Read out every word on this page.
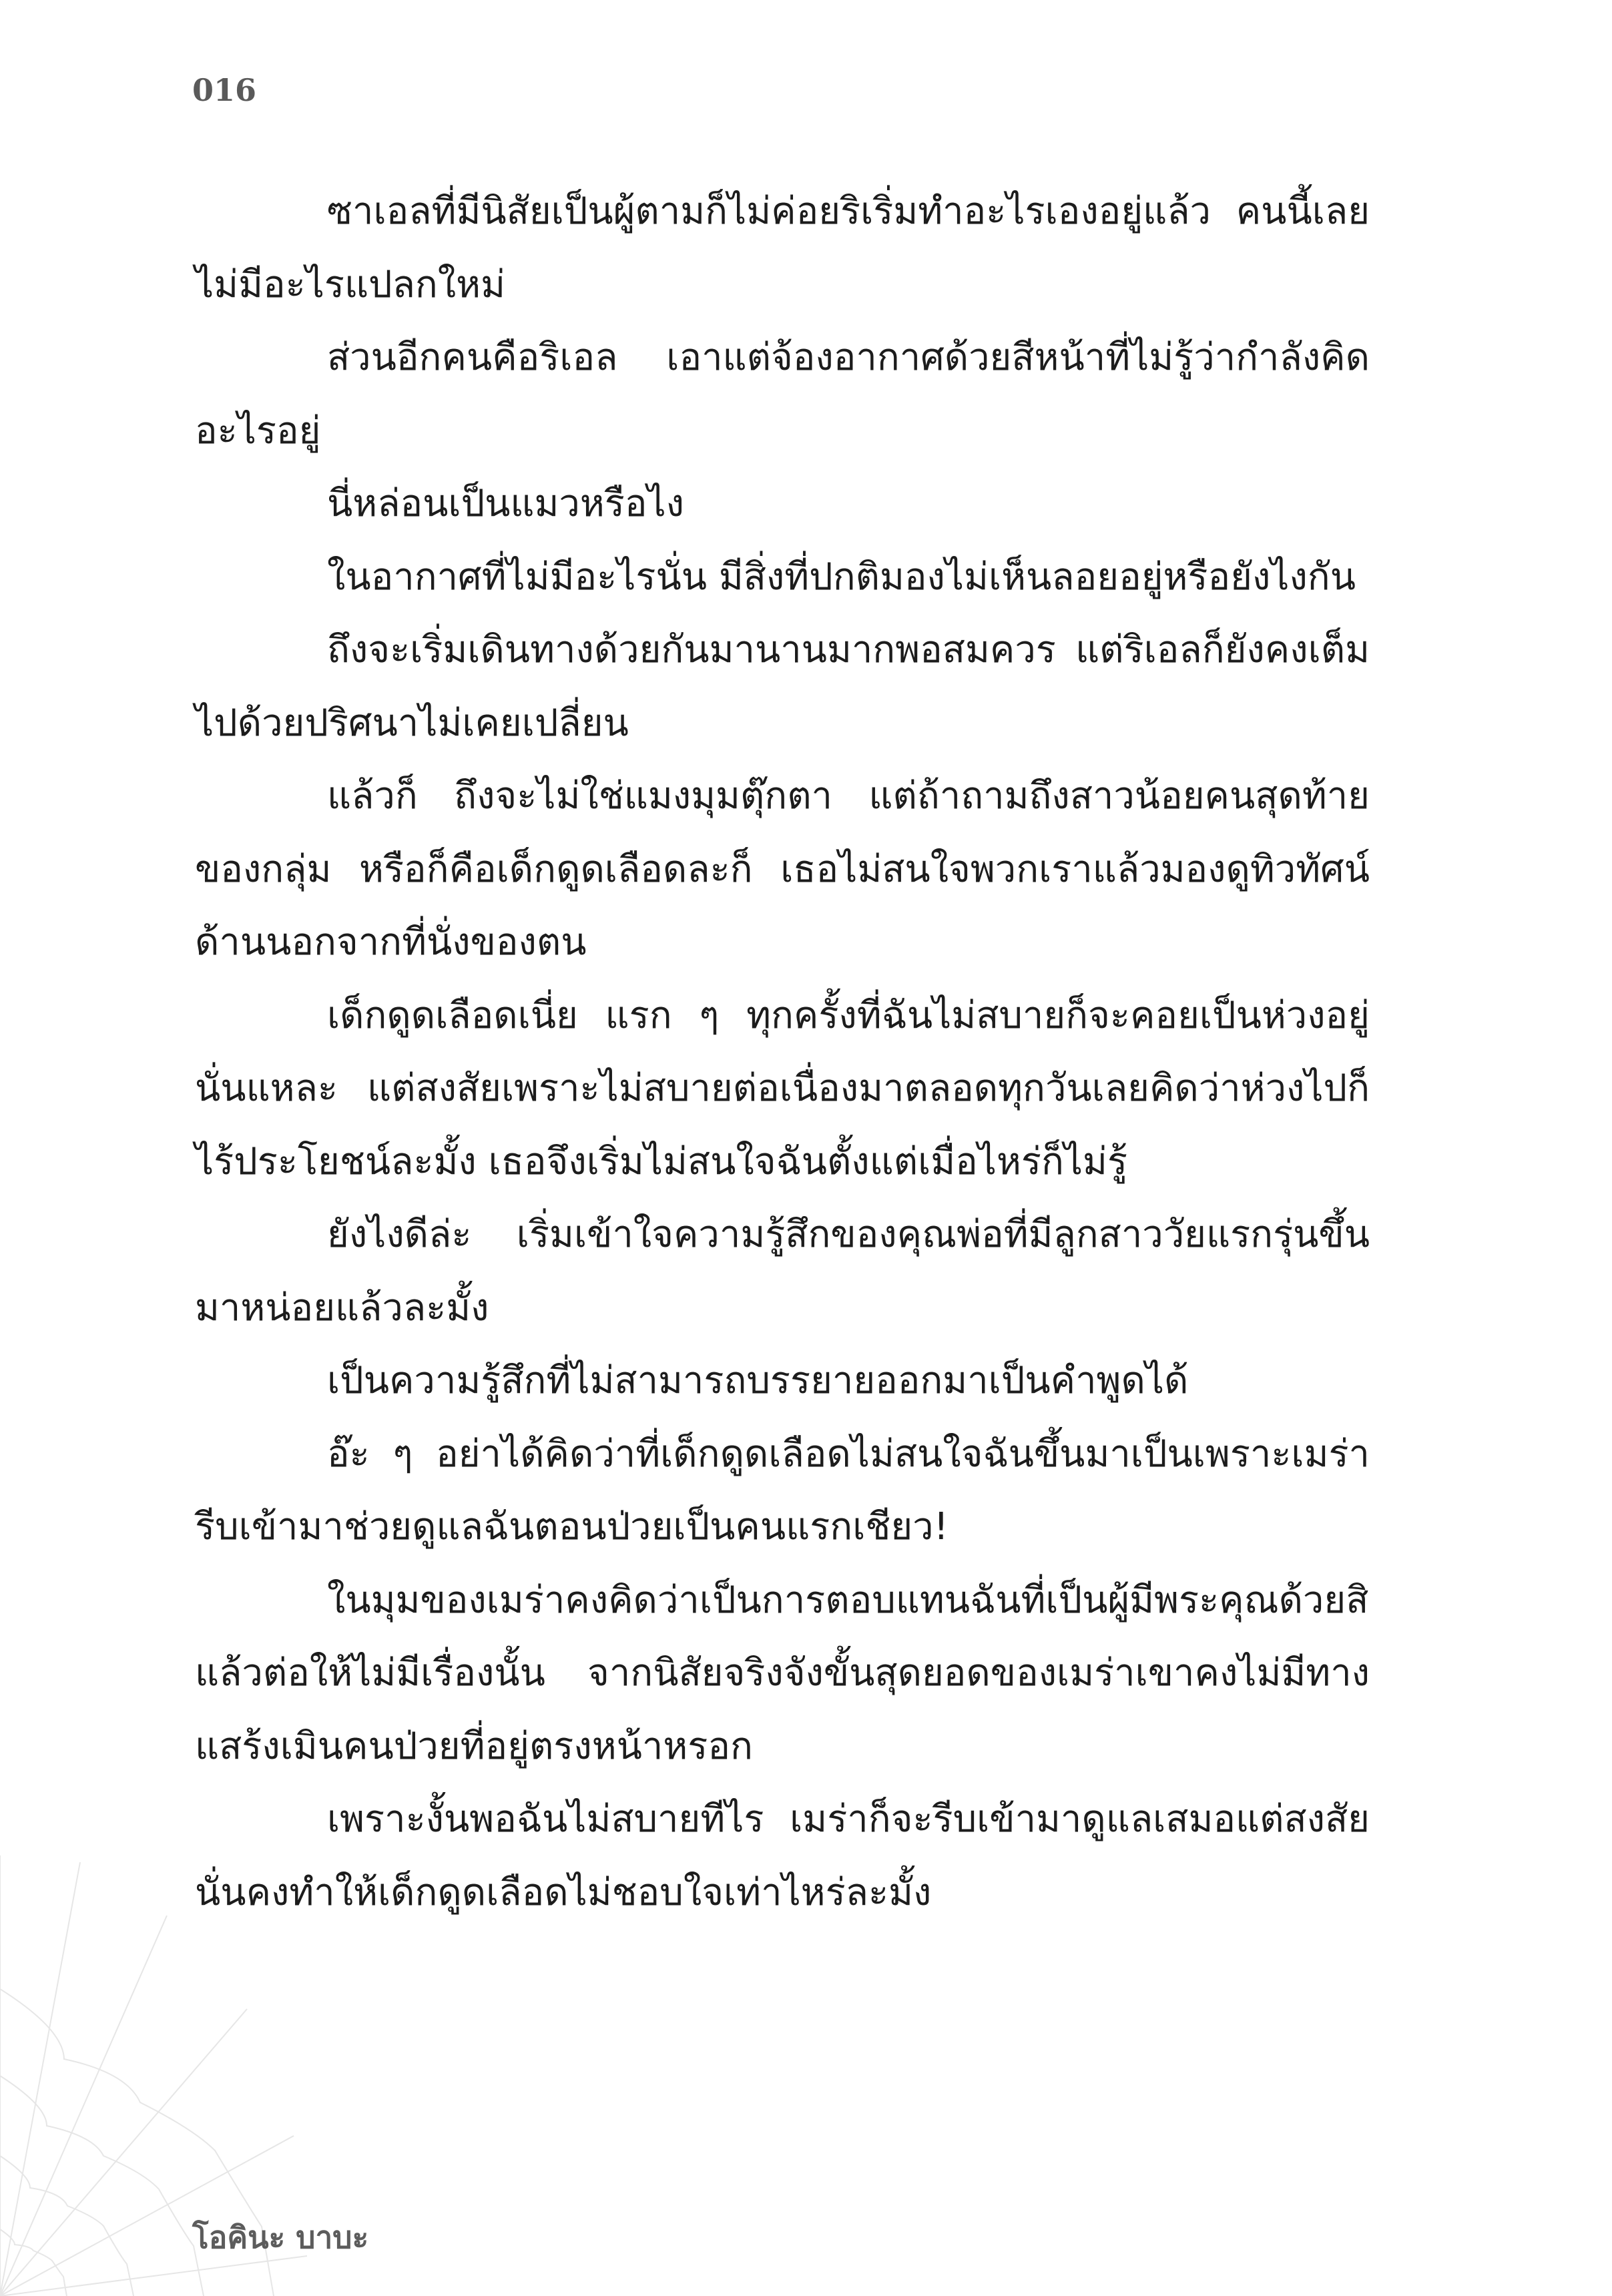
016

ซาเอลที่มีนิสัยเป็นผู้ตามก็ไม่ค่อยริเริ่มทำอะไรเองอยู่แล้ว คนนี้เลยไม่มีอะไรแปลกใหม่

ส่วนอีกคนคือริเอล เอาแต่จ้องอากาศด้วยสีหน้าที่ไม่รู้ว่ากำลังคิดอะไรอยู่

นี่หล่อนเป็นแมวหรือไง

ในอากาศที่ไม่มีอะไรนั่น มีสิ่งที่ปกติมองไม่เห็นลอยอยู่หรือยังไงกัน

ถึงจะเริ่มเดินทางด้วยกันมานานมากพอสมควร แต่ริเอลก็ยังคงเต็มไปด้วยปริศนาไม่เคยเปลี่ยน

แล้วก็ ถึงจะไม่ใช่แมงมุมตุ๊กตา แต่ถ้าถามถึงสาวน้อยคนสุดท้ายของกลุ่ม หรือก็คือเด็กดูดเลือดละก็ เธอไม่สนใจพวกเราแล้วมองดูทิวทัศน์ด้านนอกจากที่นั่งของตน

เด็กดูดเลือดเนี่ย แรก ๆ ทุกครั้งที่ฉันไม่สบายก็จะคอยเป็นห่วงอยู่นั่นแหละ แต่สงสัยเพราะไม่สบายต่อเนื่องมาตลอดทุกวันเลยคิดว่าห่วงไปก็ไร้ประโยชน์ละมั้ง เธอจึงเริ่มไม่สนใจฉันตั้งแต่เมื่อไหร่ก็ไม่รู้

ยังไงดีล่ะ เริ่มเข้าใจความรู้สึกของคุณพ่อที่มีลูกสาววัยแรกรุ่นขึ้นมาหน่อยแล้วละมั้ง

เป็นความรู้สึกที่ไม่สามารถบรรยายออกมาเป็นคำพูดได้

อ๊ะ ๆ อย่าได้คิดว่าที่เด็กดูดเลือดไม่สนใจฉันขึ้นมาเป็นเพราะเมร่ารีบเข้ามาช่วยดูแลฉันตอนป่วยเป็นคนแรกเชียว!

ในมุมของเมร่าคงคิดว่าเป็นการตอบแทนฉันที่เป็นผู้มีพระคุณด้วยสิ แล้วต่อให้ไม่มีเรื่องนั้น จากนิสัยจริงจังขั้นสุดยอดของเมร่าเขาคงไม่มีทางแสร้งเมินคนป่วยที่อยู่ตรงหน้าหรอก

เพราะงั้นพอฉันไม่สบายทีไร เมร่าก็จะรีบเข้ามาดูแลเสมอแต่สงสัยนั่นคงทำให้เด็กดูดเลือดไม่ชอบใจเท่าไหร่ละมั้ง

โอคินะ บาบะ
